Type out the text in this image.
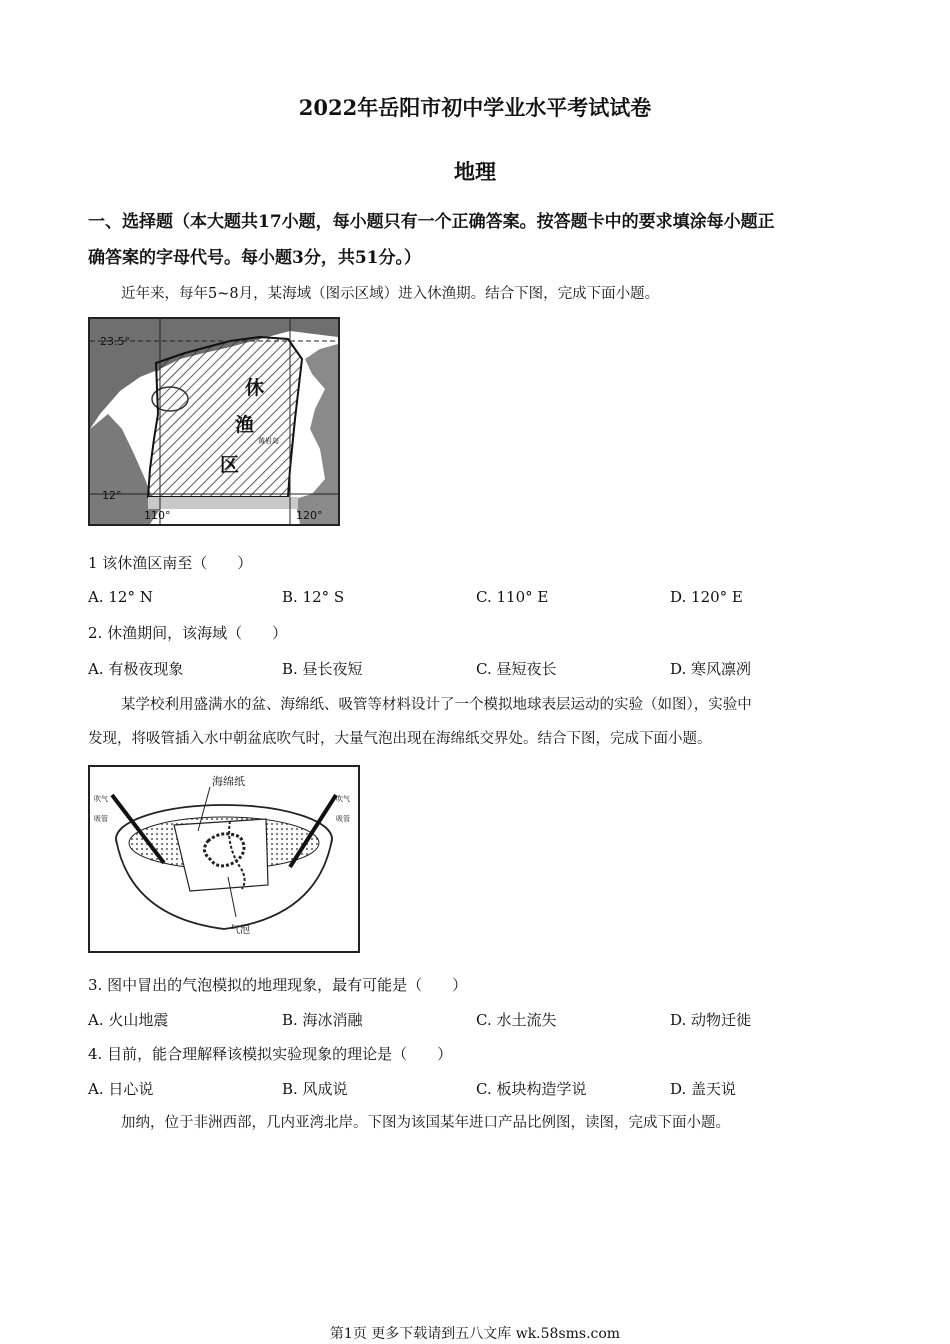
2022年岳阳市初中学业水平考试试卷
地理
一、选择题（本大题共17小题，每小题只有一个正确答案。按答题卡中的要求填涂每小题正
确答案的字母代号。每小题3分，共51分。）
近年来，每年5~8月，某海域（图示区域）进入休渔期。结合下图，完成下面小题。
23.5°
12°
110°	120°
休
渔
区
黄岩岛
1 该休渔区南至（　　）
A. 12° N	B. 12° S	C. 110° E	D. 120° E
2. 休渔期间，该海域（　　）
A. 有极夜现象	B. 昼长夜短	C. 昼短夜长	D. 寒风凛冽
某学校利用盛满水的盆、海绵纸、吸管等材料设计了一个模拟地球表层运动的实验（如图），实验中
发现，将吸管插入水中朝盆底吹气时，大量气泡出现在海绵纸交界处。结合下图，完成下面小题。
海绵纸
气泡
吹气
吸管
吹气
吸管
3. 图中冒出的气泡模拟的地理现象，最有可能是（　　）
A. 火山地震	B. 海冰消融	C. 水土流失	D. 动物迁徙
4. 目前，能合理解释该模拟实验现象的理论是（　　）
A. 日心说	B. 风成说	C. 板块构造学说	D. 盖天说
加纳，位于非洲西部，几内亚湾北岸。下图为该国某年进口产品比例图，读图，完成下面小题。
第1页 更多下载请到五八文库 wk.58sms.com
